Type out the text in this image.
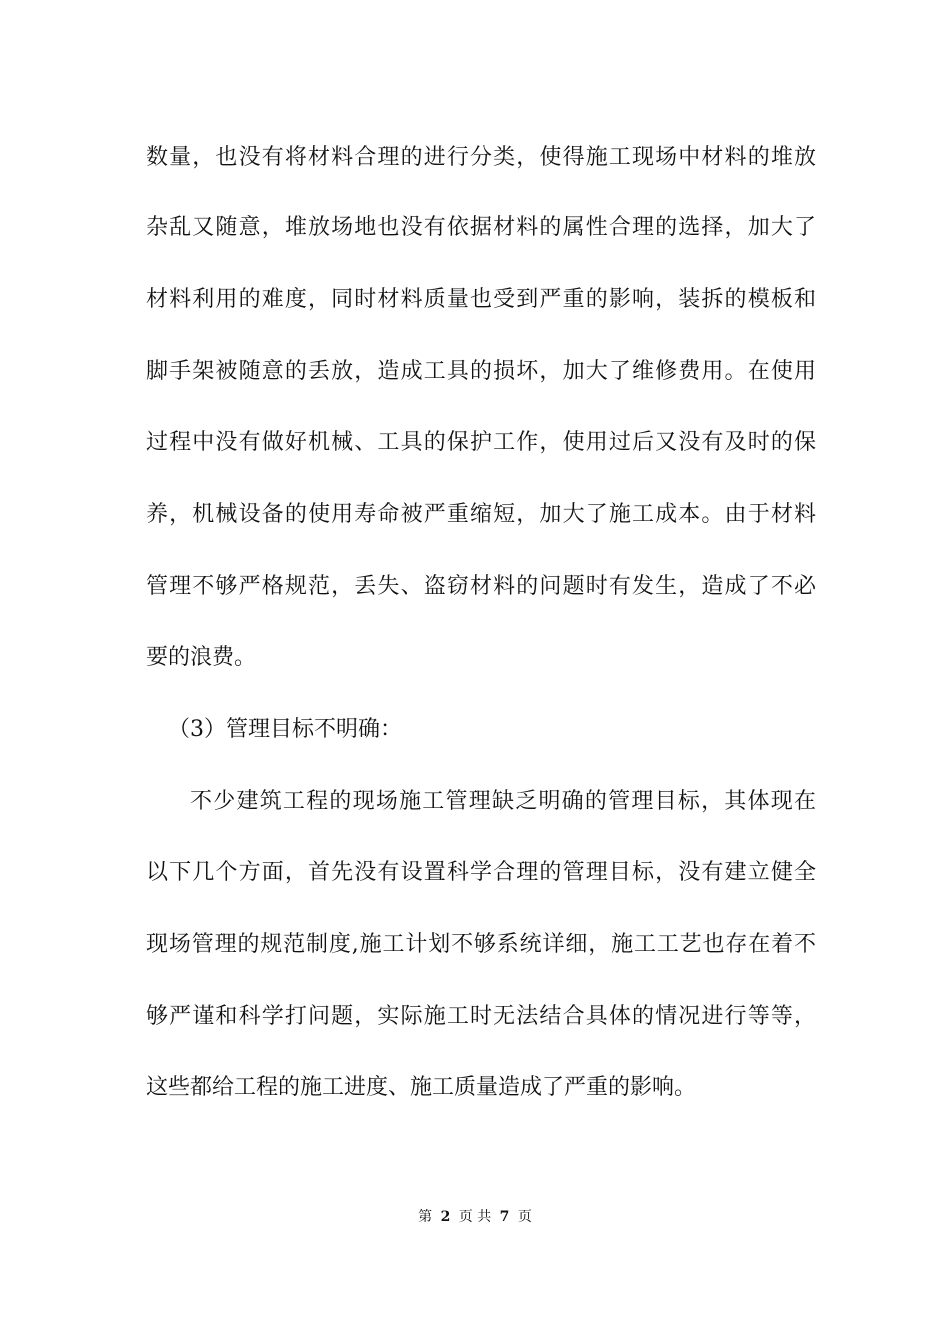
数量，也没有将材料合理的进行分类，使得施工现场中材料的堆放
杂乱又随意，堆放场地也没有依据材料的属性合理的选择，加大了
材料利用的难度，同时材料质量也受到严重的影响，装拆的模板和
脚手架被随意的丢放，造成工具的损坏，加大了维修费用。在使用
过程中没有做好机械、工具的保护工作，使用过后又没有及时的保
养，机械设备的使用寿命被严重缩短，加大了施工成本。由于材料
管理不够严格规范，丢失、盗窃材料的问题时有发生，造成了不必
要的浪费。
（3）管理目标不明确：
不少建筑工程的现场施工管理缺乏明确的管理目标，其体现在
以下几个方面，首先没有设置科学合理的管理目标，没有建立健全
现场管理的规范制度,施工计划不够系统详细，施工工艺也存在着不
够严谨和科学打问题，实际施工时无法结合具体的情况进行等等，
这些都给工程的施工进度、施工质量造成了严重的影响。
第 2 页 共 7 页
